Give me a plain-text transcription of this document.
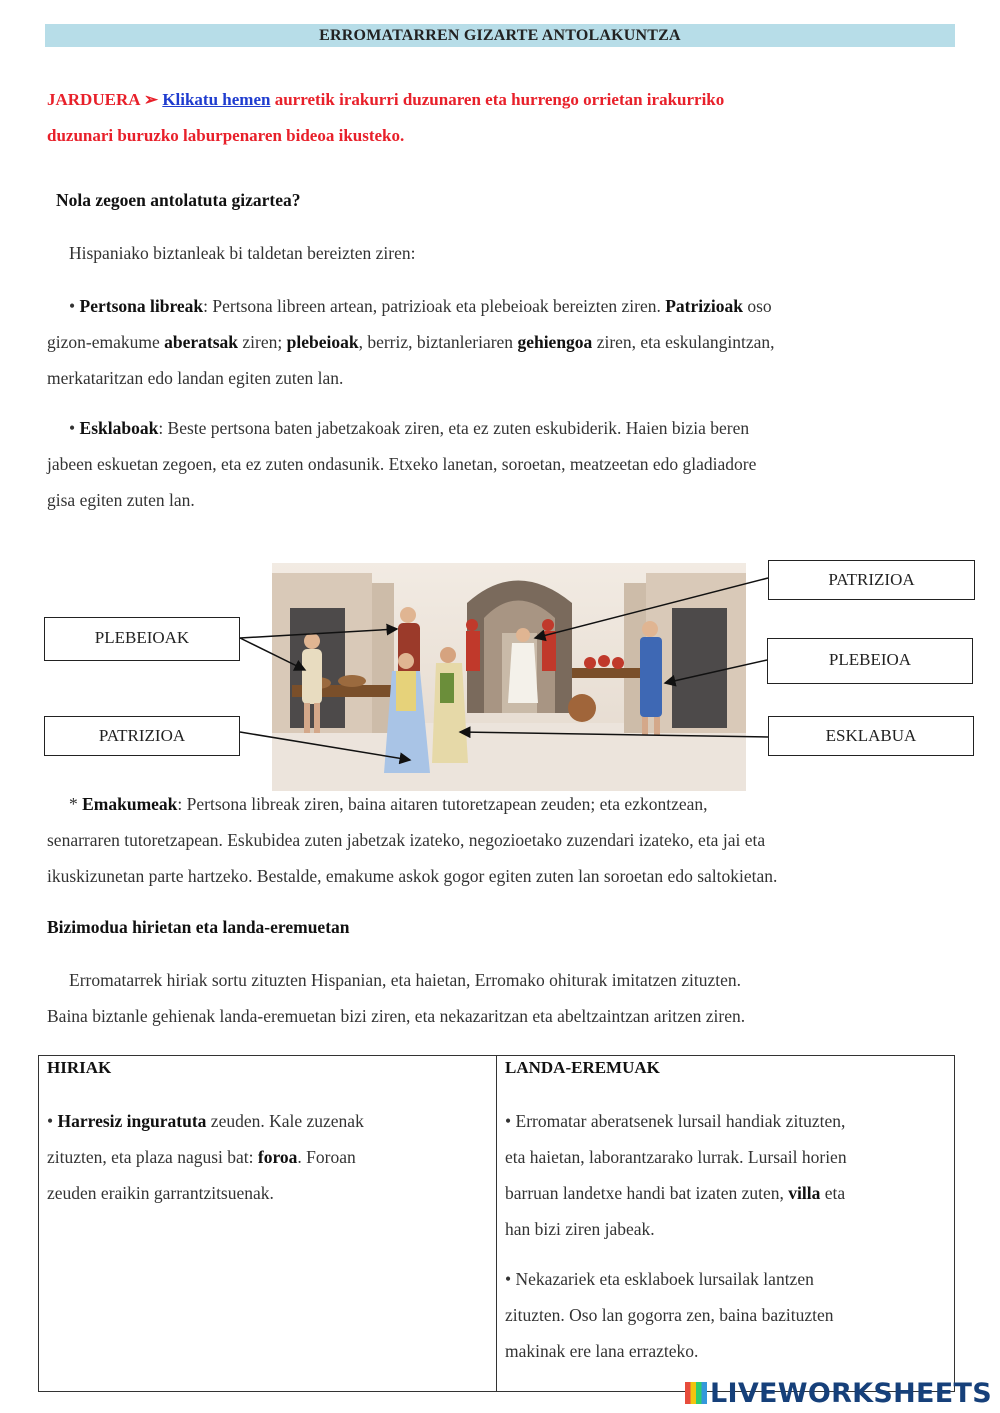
ERROMATARREN GIZARTE ANTOLAKUNTZA
JARDUERA ➢ Klikatu hemen aurretik irakurri duzunaren eta hurrengo orrietan irakurriko
duzunari buruzko laburpenaren bideoa ikusteko.
Nola zegoen antolatuta gizartea?
Hispaniako biztanleak bi taldetan bereizten ziren:
• Pertsona libreak: Pertsona libreen artean, patrizioak eta plebeioak bereizten ziren. Patrizioak oso
gizon-emakume aberatsak ziren; plebeioak, berriz, biztanleriaren gehiengoa ziren, eta eskulangintzan,
merkataritzan edo landan egiten zuten lan.
• Esklaboak: Beste pertsona baten jabetzakoak ziren, eta ez zuten eskubiderik. Haien bizia beren
jabeen eskuetan zegoen, eta ez zuten ondasunik. Etxeko lanetan, soroetan, meatzeetan edo gladiadore
gisa egiten zuten lan.
PLEBEIOAK
PATRIZIOA
PATRIZIOA
PLEBEIOA
ESKLABUA
* Emakumeak: Pertsona libreak ziren, baina aitaren tutoretzapean zeuden; eta ezkontzean,
senarraren tutoretzapean. Eskubidea zuten jabetzak izateko, negozioetako zuzendari izateko, eta jai eta
ikuskizunetan parte hartzeko. Bestalde, emakume askok gogor egiten zuten lan soroetan edo saltokietan.
Bizimodua hirietan eta landa-eremuetan
Erromatarrek hiriak sortu zituzten Hispanian, eta haietan, Erromako ohiturak imitatzen zituzten.
Baina biztanle gehienak landa-eremuetan bizi ziren, eta nekazaritzan eta abeltzaintzan aritzen ziren.
HIRIAK
• Harresiz inguratuta zeuden. Kale zuzenak
zituzten, eta plaza nagusi bat: foroa. Foroan
zeuden eraikin garrantzitsuenak.
LANDA-EREMUAK
• Erromatar aberatsenek lursail handiak zituzten,
eta haietan, laborantzarako lurrak. Lursail horien
barruan landetxe handi bat izaten zuten, villa eta
han bizi ziren jabeak.
• Nekazariek eta esklaboek lursailak lantzen
zituzten. Oso lan gogorra zen, baina bazituzten
makinak ere lana errazteko.
LIVEWORKSHEETS
